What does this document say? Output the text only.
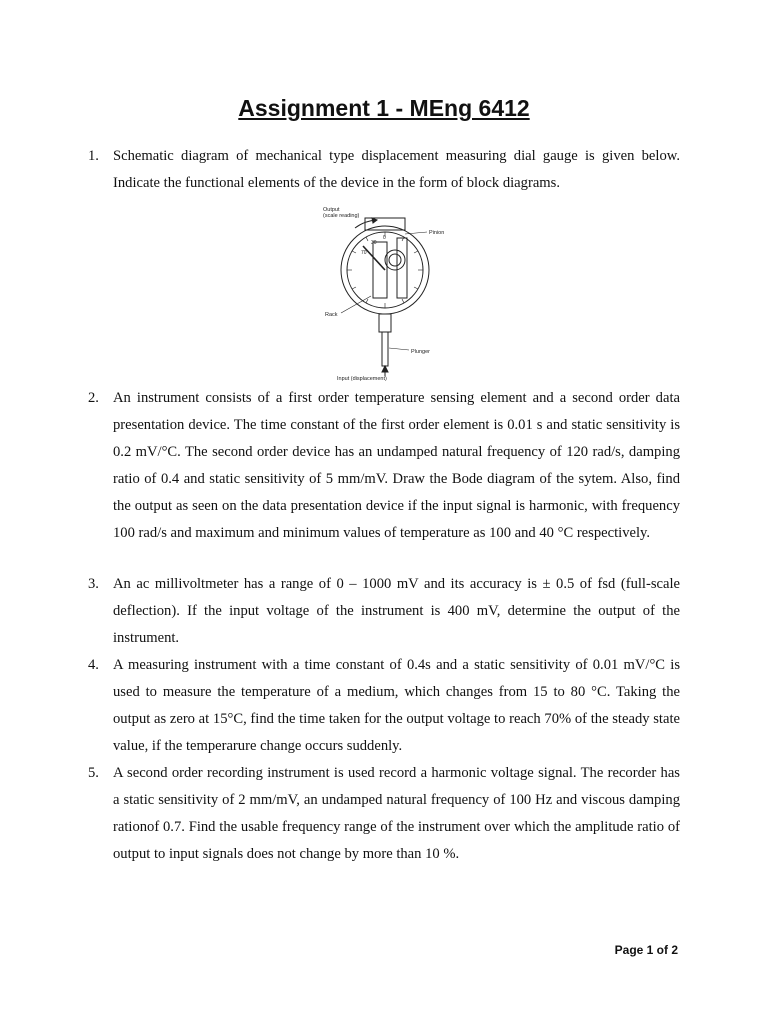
Assignment 1 - MEng 6412
1. Schematic diagram of mechanical type displacement measuring dial gauge is given below. Indicate the functional elements of the device in the form of block diagrams.
Output
(scale reading)
Pinion
Rack
Plunger
Input (displacement)
0
30
70
2. An instrument consists of a first order temperature sensing element and a second order data presentation device. The time constant of the first order element is 0.01 s and static sensitivity is 0.2 mV/°C. The second order device has an undamped natural frequency of 120 rad/s, damping ratio of 0.4 and static sensitivity of 5 mm/mV. Draw the Bode diagram of the sytem. Also, find the output as seen on the data presentation device if the input signal is harmonic, with frequency 100 rad/s and maximum and minimum values of temperature as 100 and 40 °C respectively.
3. An ac millivoltmeter has a range of 0 – 1000 mV and its accuracy is ± 0.5 of fsd (full-scale deflection). If the input voltage of the instrument is 400 mV, determine the output of the instrument.
4. A measuring instrument with a time constant of 0.4s and a static sensitivity of 0.01 mV/°C is used to measure the temperature of a medium, which changes from 15 to 80 °C. Taking the output as zero at 15°C, find the time taken for the output voltage to reach 70% of the steady state value, if the temperarure change occurs suddenly.
5. A second order recording instrument is used record a harmonic voltage signal. The recorder has a static sensitivity of 2 mm/mV, an undamped natural frequency of 100 Hz and viscous damping rationof 0.7. Find the usable frequency range of the instrument over which the amplitude ratio of output to input signals does not change by more than 10 %.
Page 1 of 2
